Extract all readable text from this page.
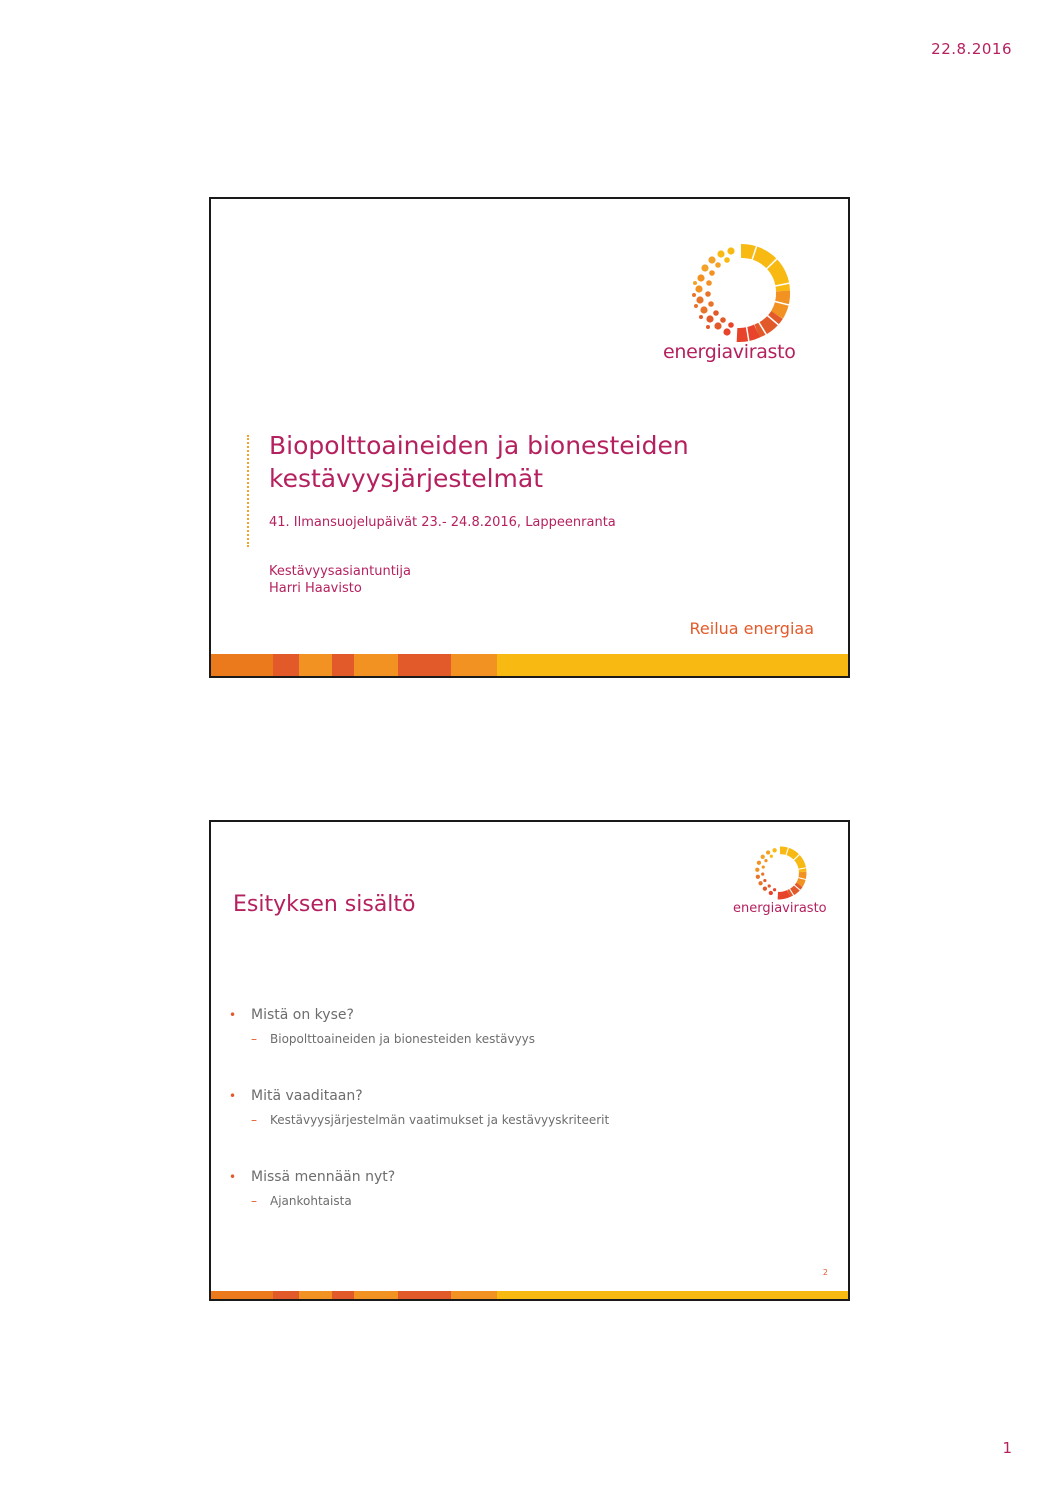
22.8.2016
energiavirasto
Biopolttoaineiden ja bionesteiden
kestävyysjärjestelmät
41. Ilmansuojelupäivät 23.- 24.8.2016, Lappeenranta
Kestävyysasiantuntija
Harri Haavisto
Reilua energiaa
energiavirasto
Esityksen sisältö
•	Mistä on kyse?
–	Biopolttoaineiden ja bionesteiden kestävyys
•	Mitä vaaditaan?
–	Kestävyysjärjestelmän vaatimukset ja kestävyyskriteerit
•	Missä mennään nyt?
–	Ajankohtaista
2
1
